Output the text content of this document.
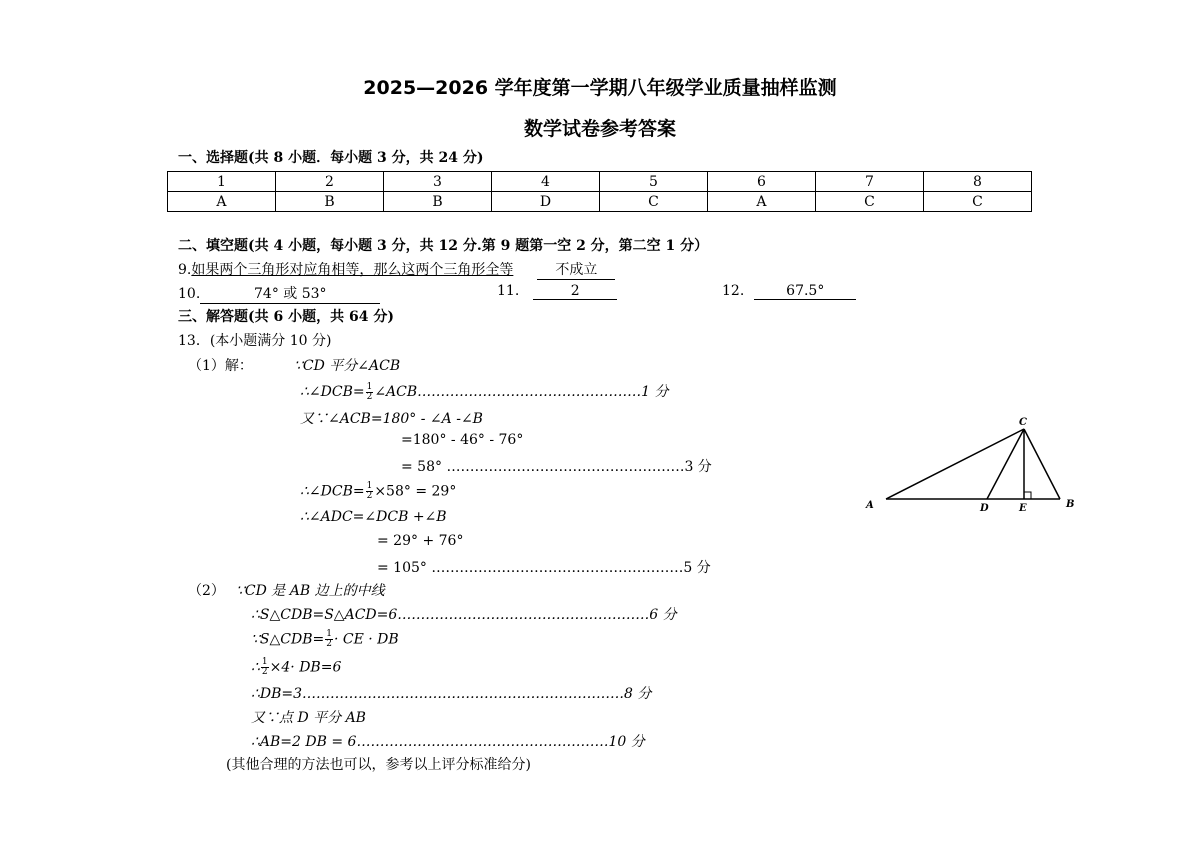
2025—2026 学年度第一学期八年级学业质量抽样监测
数学试卷参考答案
一、选择题(共 8 小题．每小题 3 分，共 24 分)
1	2	3	4	5	6	7	8
A	B	B	D	C	A	C	C
二、填空题(共 4 小题，每小题 3 分，共 12 分.第 9 题第一空 2 分，第二空 1 分）
9.如果两个三角形对应角相等，那么这两个三角形全等	不成立
10.	74° 或 53°	11.	2	12.	67.5°
三、解答题(共 6 小题，共 64 分)
13．(本小题满分 10 分)
（1）解：	∵CD 平分∠ACB
∴∠DCB= $\frac{1}{2}$ ∠ACB…………………………………………1 分
又∵∠ACB=180° - ∠A -∠B
=180° - 46° - 76°
= 58° ……………………………………………3 分
∴∠DCB= $\frac{1}{2} \times 58^\circ = 29^\circ$
∴∠ADC=∠DCB +∠B
= 29° + 76°
= 105° ………………………………………………5 分
（2） ∵CD 是 AB 边上的中线
∴S△CDB=S△ACD=6………………………………………………6 分
∵S△CDB= $\frac{1}{2}$ · CE · DB
∴ $\frac{1}{2} \times 4\cdot DB=6$
∴DB=3……………………………………………………………8 分
又∵点 D 平分 AB
∴AB=2 DB = 6………………………………………………10 分
(其他合理的方法也可以，参考以上评分标准给分)
A	B
C
D	E
